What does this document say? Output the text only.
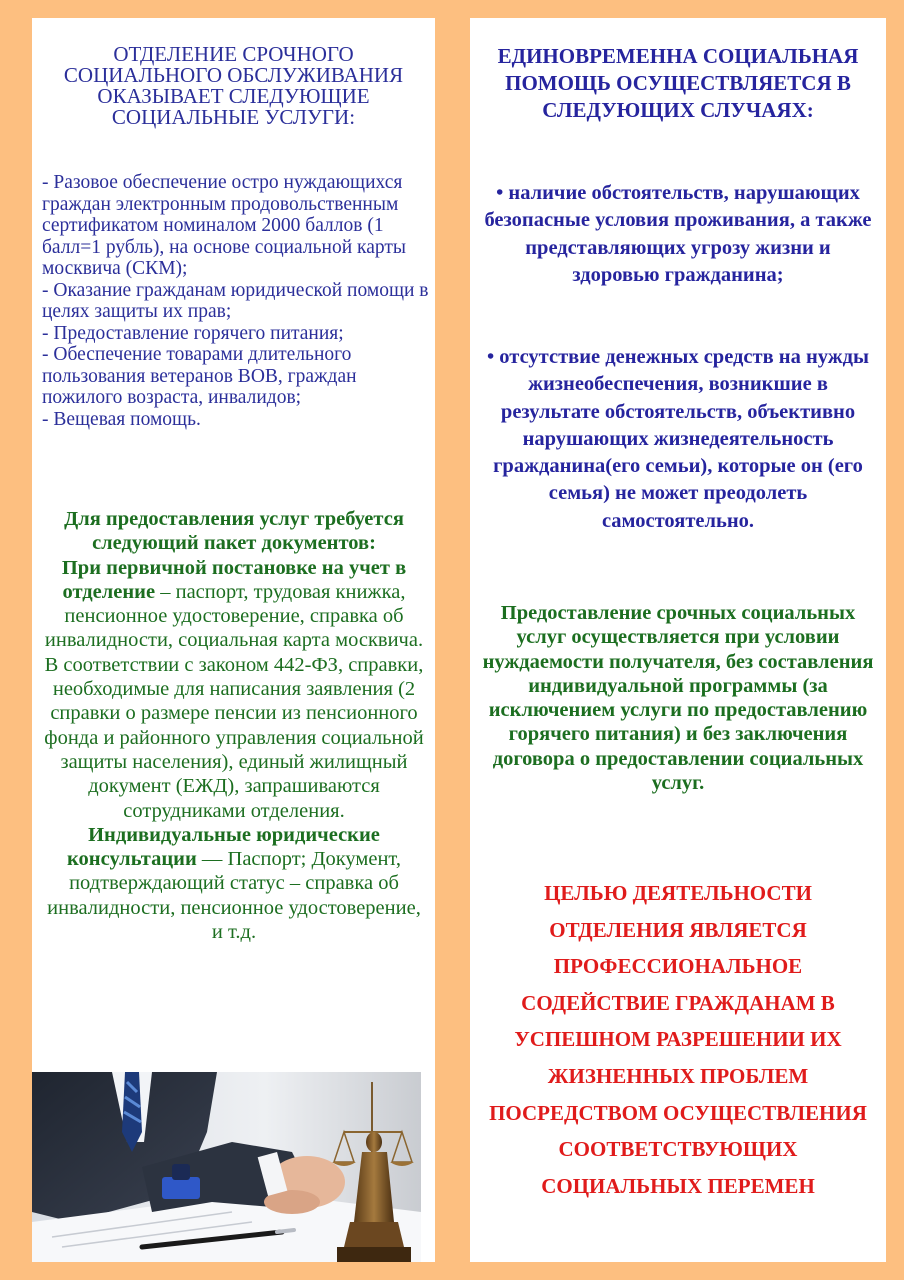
ОТДЕЛЕНИЕ СРОЧНОГО СОЦИАЛЬНОГО ОБСЛУЖИВАНИЯ ОКАЗЫВАЕТ СЛЕДУЮЩИЕ СОЦИАЛЬНЫЕ УСЛУГИ:
- Разовое обеспечение остро нуждающихся граждан электронным продовольственным сертификатом номиналом 2000 баллов (1 балл=1 рубль), на основе социальной карты москвича (СКМ);
- Оказание гражданам юридической помощи в целях защиты их прав;
- Предоставление горячего питания;
- Обеспечение товарами длительного пользования ветеранов ВОВ, граждан пожилого возраста, инвалидов;
- Вещевая помощь.
Для предоставления услуг требуется следующий пакет документов:
При первичной постановке на учет в отделение – паспорт, трудовая книжка, пенсионное удостоверение, справка об инвалидности, социальная карта москвича. В соответствии с законом 442-ФЗ, справки, необходимые для написания заявления (2 справки о размере пенсии из пенсионного фонда и районного управления социальной защиты населения), единый жилищный документ (ЕЖД), запрашиваются сотрудниками отделения.
Индивидуальные юридические консультации — Паспорт; Документ, подтверждающий статус – справка об инвалидности, пенсионное удостоверение, и т.д.
ЕДИНОВРЕМЕННА СОЦИАЛЬНАЯ ПОМОЩЬ ОСУЩЕСТВЛЯЕТСЯ В СЛЕДУЮЩИХ СЛУЧАЯХ:
• наличие обстоятельств, нарушающих безопасные условия проживания, а также представляющих угрозу жизни и здоровью гражданина;
• отсутствие денежных средств на нужды жизнеобеспечения, возникшие в результате обстоятельств, объективно нарушающих жизнедеятельность гражданина(его семьи), которые он (его семья) не может преодолеть самостоятельно.
Предоставление срочных социальных услуг осуществляется при условии нуждаемости получателя, без составления индивидуальной программы (за исключением услуги по предоставлению горячего питания) и без заключения договора о предоставлении социальных услуг.
ЦЕЛЬЮ ДЕЯТЕЛЬНОСТИ ОТДЕЛЕНИЯ ЯВЛЯЕТСЯ ПРОФЕССИОНАЛЬНОЕ СОДЕЙСТВИЕ ГРАЖДАНАМ В УСПЕШНОМ РАЗРЕШЕНИИ ИХ ЖИЗНЕННЫХ ПРОБЛЕМ ПОСРЕДСТВОМ ОСУЩЕСТВЛЕНИЯ СООТВЕТСТВУЮЩИХ СОЦИАЛЬНЫХ ПЕРЕМЕН
